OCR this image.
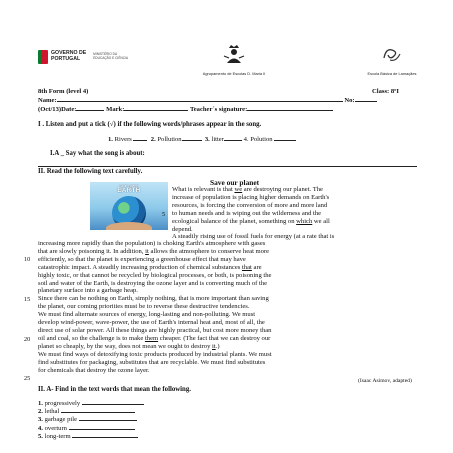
GOVERNO DE
PORTUGAL
MINISTÉRIO DA EDUCAÇÃO E CIÊNCIA
Agrupamento de Escolas D. Maria II	Escola Básica de Lamaçães
8th Form (level 4)	Class: 8ºI
Name:	No:
(Oct/13)Date:	Mark:	Teacher´s signature:
I . Listen and put a tick (√) if the following words/phrases appear in the song.
1. Rivers	2. Pollution	3. litter	4. Polution
I.A _ Say what the song is about:
II. Read the following text carefully.
Save our planet
Saving planet
EARTH	What is relevant is that we are destroying our planet. The
increase of population is placing higher demands on Earth's
resources, is forcing the conversion of more and more land
to human needs and is wiping out the wilderness and the
ecological balance of the planet, something on which we all
depend.
A steadily rising use of fossil fuels for energy (at a rate that is
increasing more rapidly than the population) is choking Earth's atmosphere with gases
that are slowly poisoning it. In addition, it allows the atmosphere to conserve heat more
efficiently, so that the planet is experiencing a greenhouse effect that may have
catastrophic impact. A steadily increasing production of chemical substances that are
highly toxic, or that cannot be recycled by biological processes, or both, is poisoning the
soil and water of the Earth, is destroying the ozone layer and is converting much of the
planetary surface into a garbage heap.
Since there can be nothing on Earth, simply nothing, that is more important than saving
the planet, our coming priorities must be to reverse these destructive tendencies.
We must find alternate sources of energy, long-lasting and non-polluting. We must
develop wind-power, wave-power, the use of Earth's internal heat and, most of all, the
direct use of solar power. All these things are highly practical, but cost more money than
oil and coal, so the challenge is to make them cheaper. (The fact that we can destroy our
planet so cheaply, by the way, does not mean we ought to destroy it.)
We must find ways of detoxifying toxic products produced by industrial plants. We must
find substitutes for packaging, substitutes that are recyclable. We must find substitutes
for chemicals that destroy the ozone layer.
5
10
15
20
25	(Isaac Asimov, adapted)
II. A- Find in the text words that mean the following.
1. progressively
2. lethal
3. garbage pile
4. overturn
5. long-term
